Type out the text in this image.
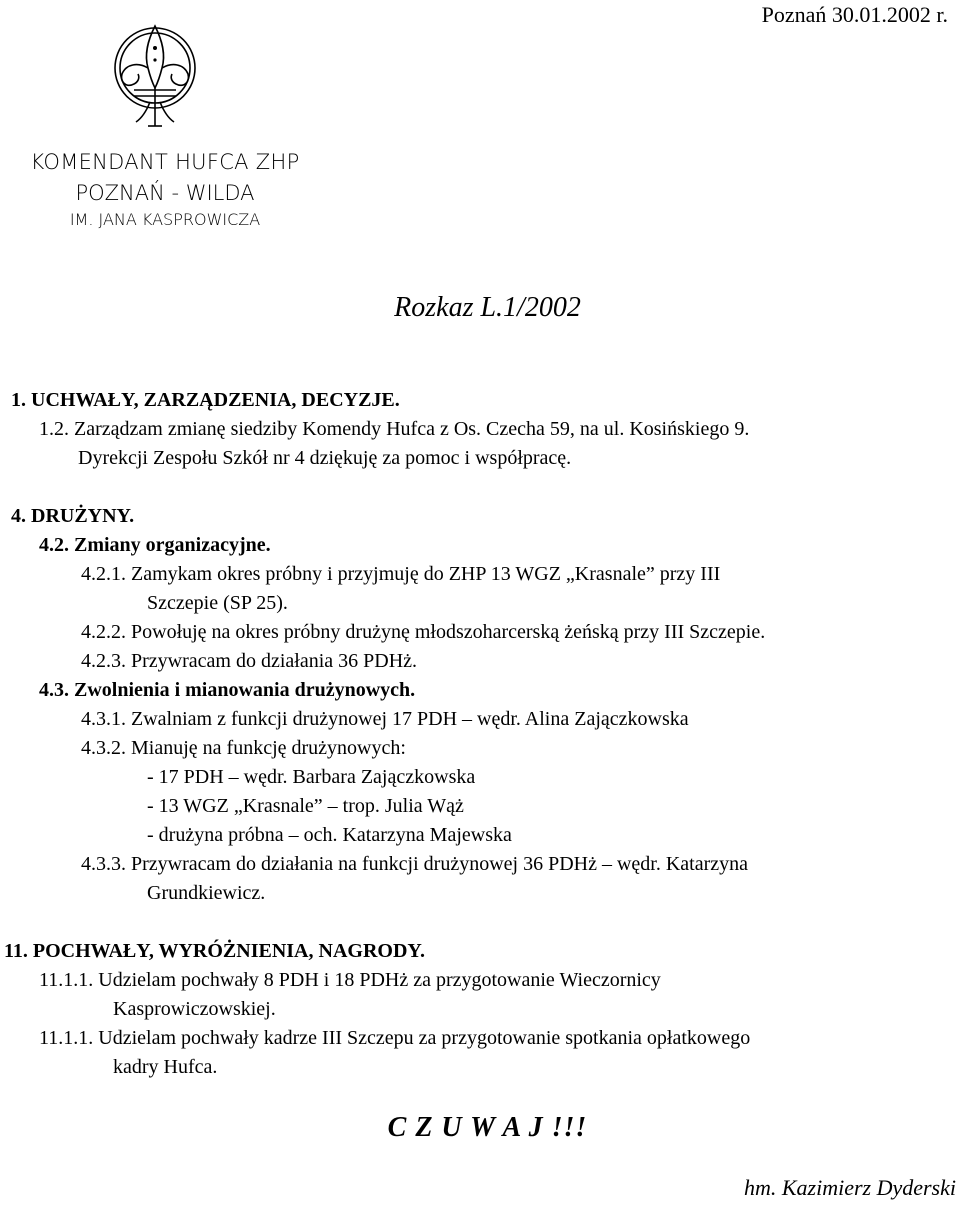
Poznań 30.01.2002 r.
KOMENDANT HUFCA ZHP
POZNAŃ - WILDA
IM. JANA KASPROWICZA
Rozkaz L.1/2002
1. UCHWAŁY, ZARZĄDZENIA, DECYZJE.
1.2. Zarządzam zmianę siedziby Komendy Hufca z Os. Czecha 59, na ul. Kosińskiego 9.
Dyrekcji Zespołu Szkół nr 4 dziękuję za pomoc i współpracę.
4. DRUŻYNY.
4.2. Zmiany organizacyjne.
4.2.1. Zamykam okres próbny i przyjmuję do ZHP 13 WGZ „Krasnale” przy III
Szczepie (SP 25).
4.2.2. Powołuję na okres próbny drużynę młodszoharcerską żeńską przy III Szczepie.
4.2.3. Przywracam do działania 36 PDHż.
4.3. Zwolnienia i mianowania drużynowych.
4.3.1. Zwalniam z funkcji drużynowej 17 PDH – wędr. Alina Zajączkowska
4.3.2. Mianuję na funkcję drużynowych:
- 17 PDH – wędr. Barbara Zajączkowska
- 13 WGZ „Krasnale” – trop. Julia Wąż
- drużyna próbna – och. Katarzyna Majewska
4.3.3. Przywracam do działania na funkcji drużynowej 36 PDHż – wędr. Katarzyna
Grundkiewicz.
11. POCHWAŁY, WYRÓŻNIENIA, NAGRODY.
11.1.1. Udzielam pochwały 8 PDH i 18 PDHż za przygotowanie Wieczornicy
Kasprowiczowskiej.
11.1.1. Udzielam pochwały kadrze III Szczepu za przygotowanie spotkania opłatkowego
kadry Hufca.
C Z U W A J !!!
hm. Kazimierz Dyderski
